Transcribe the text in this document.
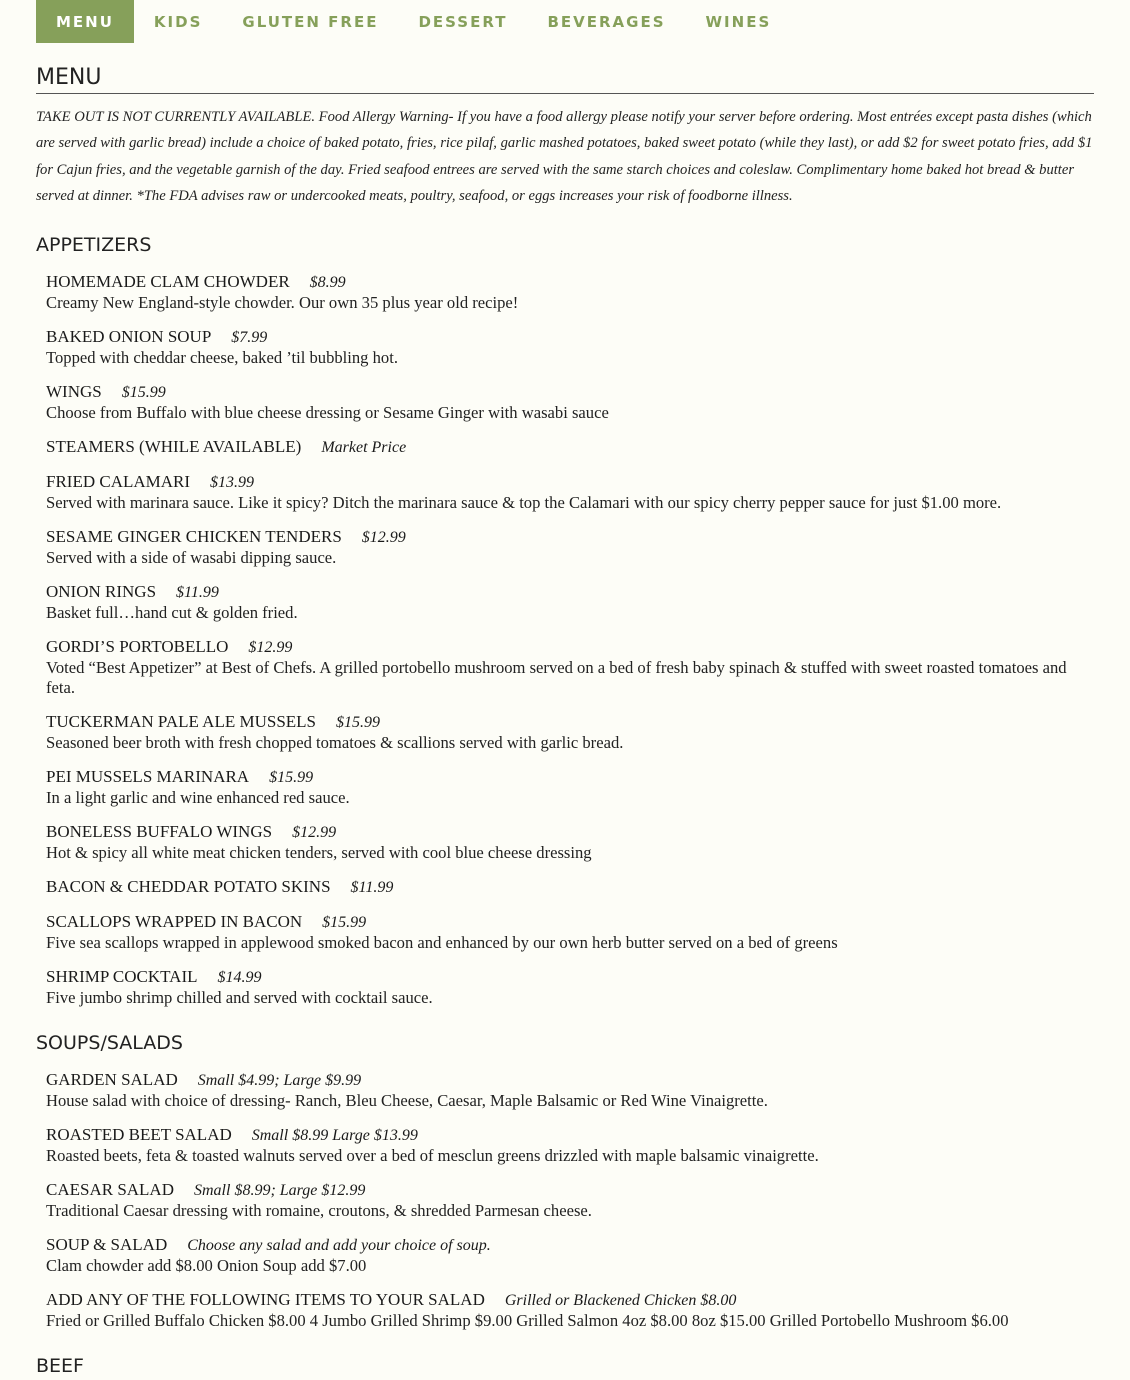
MENU	KIDS	GLUTEN FREE	DESSERT	BEVERAGES	WINES
MENU

TAKE OUT IS NOT CURRENTLY AVAILABLE. Food Allergy Warning- If you have a food allergy please notify your server before ordering. Most entrées except pasta dishes (which are served with garlic bread) include a choice of baked potato, fries, rice pilaf, garlic mashed potatoes, baked sweet potato (while they last), or add $2 for sweet potato fries, add $1 for Cajun fries, and the vegetable garnish of the day. Fried seafood entrees are served with the same starch choices and coleslaw. Complimentary home baked hot bread & butter served at dinner. *The FDA advises raw or undercooked meats, poultry, seafood, or eggs increases your risk of foodborne illness.

APPETIZERS
HOMEMADE CLAM CHOWDER $8.99
Creamy New England-style chowder. Our own 35 plus year old recipe!
BAKED ONION SOUP $7.99
Topped with cheddar cheese, baked ’til bubbling hot.
WINGS $15.99
Choose from Buffalo with blue cheese dressing or Sesame Ginger with wasabi sauce
STEAMERS (WHILE AVAILABLE) Market Price
FRIED CALAMARI $13.99
Served with marinara sauce. Like it spicy? Ditch the marinara sauce & top the Calamari with our spicy cherry pepper sauce for just $1.00 more.
SESAME GINGER CHICKEN TENDERS $12.99
Served with a side of wasabi dipping sauce.
ONION RINGS $11.99
Basket full…hand cut & golden fried.
GORDI’S PORTOBELLO $12.99
Voted “Best Appetizer” at Best of Chefs. A grilled portobello mushroom served on a bed of fresh baby spinach & stuffed with sweet roasted tomatoes and feta.
TUCKERMAN PALE ALE MUSSELS $15.99
Seasoned beer broth with fresh chopped tomatoes & scallions served with garlic bread.
PEI MUSSELS MARINARA $15.99
In a light garlic and wine enhanced red sauce.
BONELESS BUFFALO WINGS $12.99
Hot & spicy all white meat chicken tenders, served with cool blue cheese dressing
BACON & CHEDDAR POTATO SKINS $11.99
SCALLOPS WRAPPED IN BACON $15.99
Five sea scallops wrapped in applewood smoked bacon and enhanced by our own herb butter served on a bed of greens
SHRIMP COCKTAIL $14.99
Five jumbo shrimp chilled and served with cocktail sauce.
SOUPS/SALADS
GARDEN SALAD Small $4.99; Large $9.99
House salad with choice of dressing- Ranch, Bleu Cheese, Caesar, Maple Balsamic or Red Wine Vinaigrette.
ROASTED BEET SALAD Small $8.99 Large $13.99
Roasted beets, feta & toasted walnuts served over a bed of mesclun greens drizzled with maple balsamic vinaigrette.
CAESAR SALAD Small $8.99; Large $12.99
Traditional Caesar dressing with romaine, croutons, & shredded Parmesan cheese.
SOUP & SALAD Choose any salad and add your choice of soup.
Clam chowder add $8.00 Onion Soup add $7.00
ADD ANY OF THE FOLLOWING ITEMS TO YOUR SALAD Grilled or Blackened Chicken $8.00
Fried or Grilled Buffalo Chicken $8.00 4 Jumbo Grilled Shrimp $9.00 Grilled Salmon 4oz $8.00 8oz $15.00 Grilled Portobello Mushroom $6.00
BEEF
